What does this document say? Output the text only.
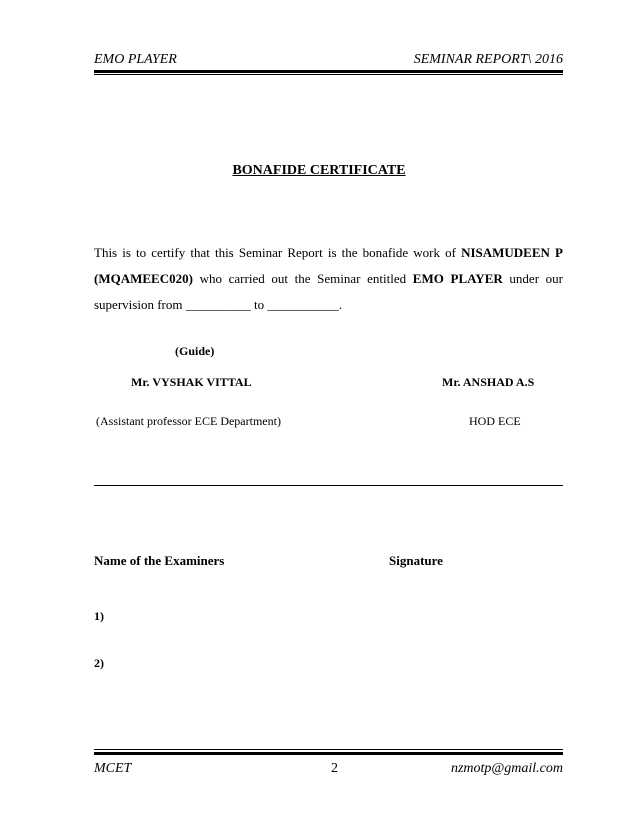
EMO PLAYER	SEMINAR REPORT\ 2016
BONAFIDE CERTIFICATE
This is to certify that this Seminar Report is the bonafide work of NISAMUDEEN P
(MQAMEEC020) who carried out the Seminar entitled EMO PLAYER under our
supervision from __________ to ___________.
(Guide)
Mr. VYSHAK VITTAL	Mr. ANSHAD A.S
(Assistant professor ECE Department)	HOD ECE
Name of the Examiners	Signature
1)
2)
MCET	2	nzmotp@gmail.com
